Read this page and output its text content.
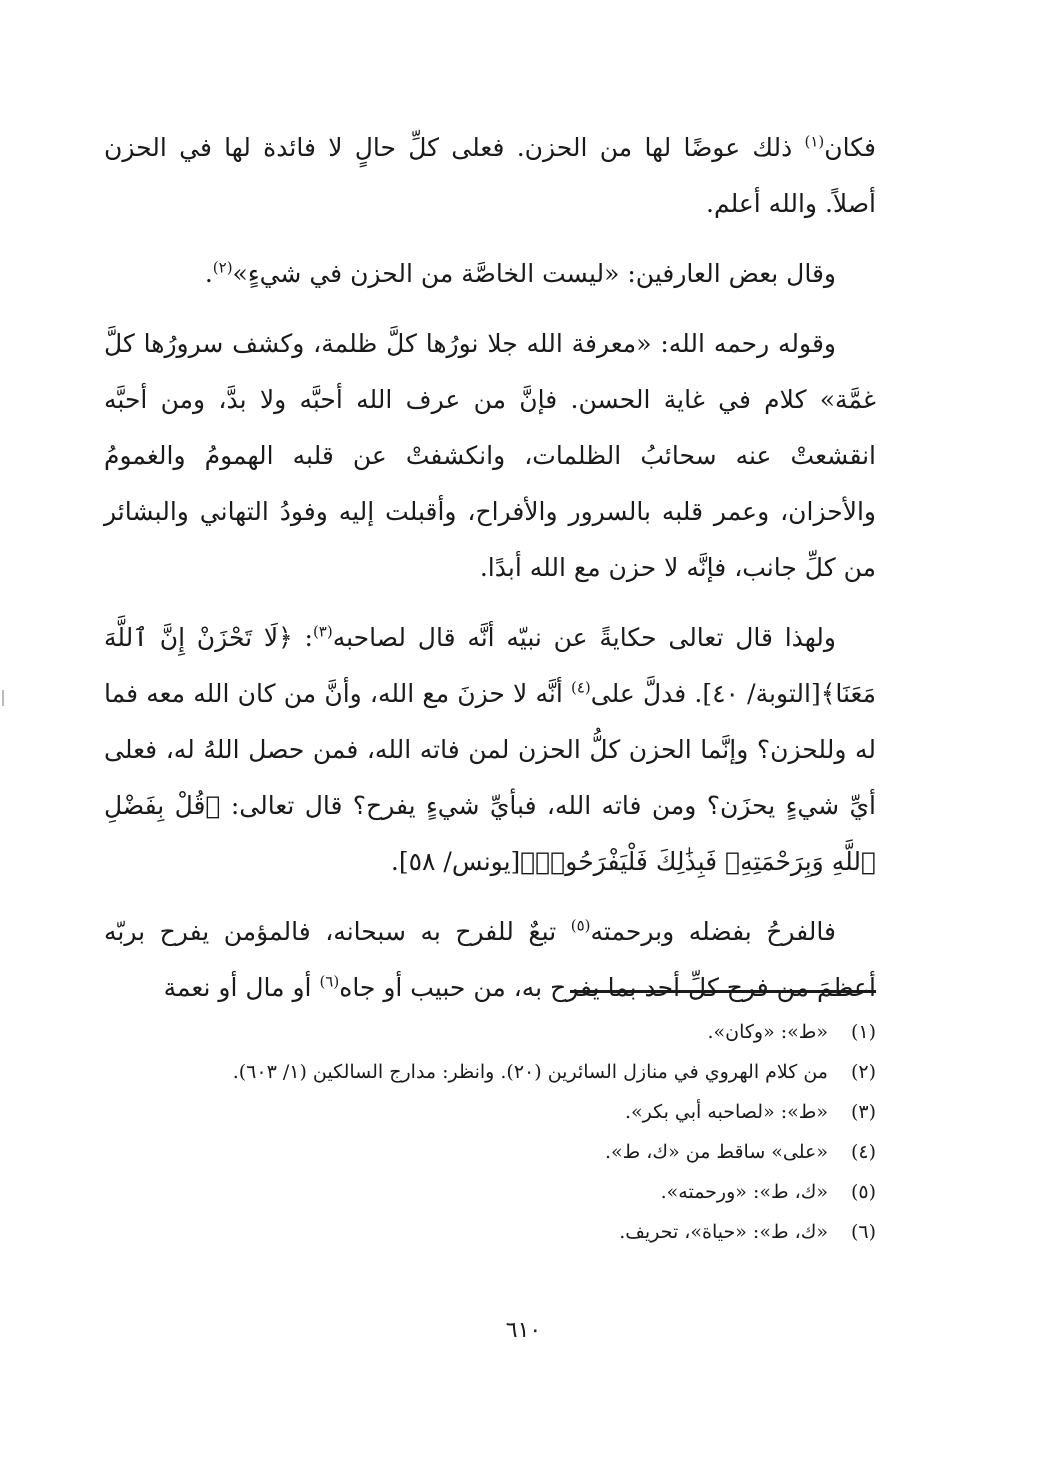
فكان$^{(١)}$ ذلك عوضًا لها من الحزن. فعلى كلِّ حالٍ لا فائدة لها في الحزن أصلاً. والله أعلم.

وقال بعض العارفين: «ليست الخاصَّة من الحزن في شيءٍ»$^{(٢)}$.

وقوله رحمه الله: «معرفة الله جلا نورُها كلَّ ظلمة، وكشف سرورُها كلَّ غمَّة» كلام في غاية الحسن. فإنَّ من عرف الله أحبَّه ولا بدَّ، ومن أحبَّه انقشعتْ عنه سحائبُ الظلمات، وانكشفتْ عن قلبه الهمومُ والغمومُ والأحزان، وعمر قلبه بالسرور والأفراح، وأقبلت إليه وفودُ التهاني والبشائر من كلِّ جانب، فإنَّه لا حزن مع الله أبدًا.

ولهذا قال تعالى حكايةً عن نبيّه أنَّه قال لصاحبه$^{(٣)}$: ﴿لَا تَحْزَنْ إِنَّ ٱللَّهَ مَعَنَا﴾[التوبة/ ٤٠]. فدلَّ على$^{(٤)}$ أنَّه لا حزنَ مع الله، وأنَّ من كان الله معه فما له وللحزن؟ وإنَّما الحزن كلُّ الحزن لمن فاته الله، فمن حصل اللهُ له، فعلى أيِّ شيءٍ يحزَن؟ ومن فاته الله، فبأيِّ شيءٍ يفرح؟ قال تعالى: ﴿قُلْ بِفَضْلِ ٱللَّهِ وَبِرَحْمَتِهِۦ فَبِذَٰلِكَ فَلْيَفْرَحُوا۟﴾[يونس/ ٥٨].

فالفرحُ بفضله وبرحمته$^{(٥)}$ تبعٌ للفرح به سبحانه، فالمؤمن يفرح بربّه أعظمَ من فرح كلِّ أحد بما يفرح به، من حبيب أو جاه$^{(٦)}$ أو مال أو نعمة

(١)
«ط»: «وكان».
(٢)
من كلام الهروي في منازل السائرين (٢٠). وانظر: مدارج السالكين (١/ ٦٠٣).
(٣)
«ط»: «لصاحبه أبي بكر».
(٤)
«على» ساقط من «ك، ط».
(٥)
«ك، ط»: «ورحمته».
(٦)
«ك، ط»: «حياة»، تحريف.
٦١٠
